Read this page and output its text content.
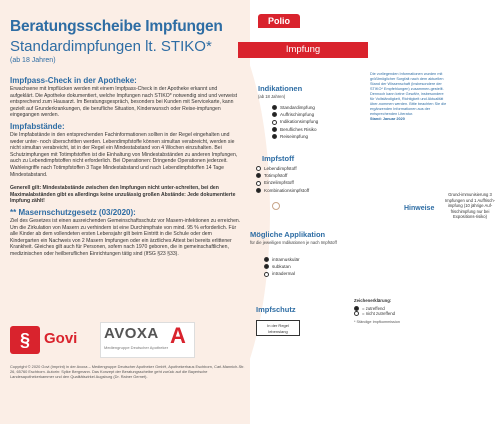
Beratungsscheibe Impfungen
Standardimpfungen lt. STIKO*
(ab 18 Jahren)
Impfpass-Check in der Apotheke:
Erwachsene mit Impflücken werden mit einem Impfpass-Check in der Apotheke erkannt und aufgeklärt. Die Apotheke dokumentiert, welche Impfungen nach STIKO* notwendig sind und verweist entsprechend zum Hausarzt. Im Beratungsgespräch, besonders bei Kunden mit Servicekarte, kann gezielt auf Grunderkrankungen, die berufliche Situation, Kinderwunsch oder Reise-impfungen eingegangen werden.
Impfabstände:
Die Impfabstände in den entsprechenden Fachinformationen sollten in der Regel eingehalten und weder unter- noch überschritten werden. Lebendimpfstoffe können simultan verabreicht, werden sie nicht simultan verabreicht, ist in der Regel ein Mindestabstand von 4 Wochen einzuhalten. Bei Schutzimpfungen mit Totimpfstoffen ist die Einhaltung von Mindestabständen zu anderen Impfungen, auch zu Lebendimpfstoffen nicht erforderlich. Bei Operationen: Dringende Operationen jederzeit. Wahleingriffe nach Totimpfstoffen 3 Tage Mindestabstand und nach Lebendimpfstoffen 14 Tage Mindestabstand.
Generell gilt: Mindestabstände zwischen den Impfungen nicht unter-schreiten, bei den Maximalabständen gibt es allerdings keine unzulässig großen Abstände: Jede dokumentierte Impfung zählt!
** Masernschutzgesetz (03/2020):
Ziel des Gesetzes ist einen ausreichenden Gemeinschaftsschutz vor Masern-infektionen zu erreichen. Um die Zirkulation von Masern zu verhindern ist eine Durchimpfrate von mind. 95 % erforderlich. Für alle Kinder ab dem vollendeten ersten Lebensjahr gilt beim Eintritt in die Schule oder dem Kindergarten ein Nachweis von 2 Masern Impfungen oder ein ärztliches Attest bei bereits erlittener Krankheit. Gleiches gilt auch für Personen, sofern nach 1970 geboren, die in gemeinschaftlichen, medizinischen oder heilberuflichen Einrichtungen tätig sind (IfSG §23 §33).
§ Govi AVOXA
Mediengruppe Deutscher Apotheker A
Copyright © 2020 Govi (Imprint) in der Avoxa – Mediengruppe Deutscher Apotheker GmbH, Apothekerhaus Eschborn, Carl-Mannich-Str. 26, 65760 Eschborn. Autorin: Sylke Bergmann. Das Konzept der Beratungsscheibe geht zurück auf die Bayerische Landesapothekerkammer und den Qualitätszirkel Augsburg (Dr. Rainer Gernet).
Polio
Impfung	Diphterie
Masern **
Mumps
Indikationen
(ab 18 Jahren)
Standardimpfung
Auffrischimpfung
Indikationsimpfung
Berufliches Risiko
Reiseimpfung
Impfstoff
Lebendimpfstoff
Totimpfstoff
Einzelimpfstoff
Kombinationsimpfstoff
Mögliche Applikation
für die jeweiligen Indikationen je nach Impfstoff
intramuskulär
subkutan
intradermal
Impfschutz
In der Regel lebenslang
Die vorliegenden Informationen wurden mit größtmöglicher Sorgfalt nach dem aktuellen Stand der Wissenschaft (insbesondere der STIKO* Empfehlungen) zusammen-gestellt. Dennoch kann keine Gewähr, insbesondere für Vollständigkeit, Richtigkeit und Aktualität über-nommen werden. Bitte beachten Sie die ergänzenden Informationen aus der entsprechenden Literatur.
Stand: Januar 2020
Hinweise
Grund-immunisierung 3 Impfungen und 1 Auffrisch-impfung (10 jährige Auf-frischimpfung nur bei Expositions-risiko)
Zeichenerklärung:
= zutreffend
= nicht zutreffend
* Ständige Impfkommission
